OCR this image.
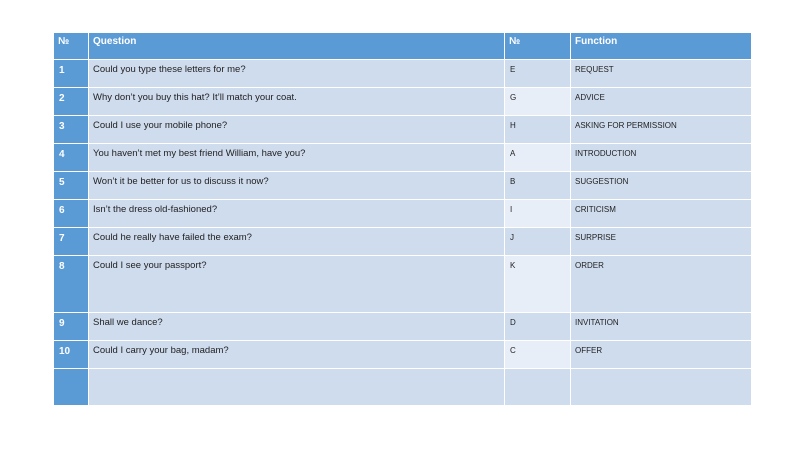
№	Question	№	Function
1	Could you type these letters for me?	E	REQUEST
2	Why don’t you buy this hat? It’ll match your coat.	G	ADVICE
3	Could I use your mobile phone?	H	ASKING FOR PERMISSION
4	You haven’t met my best friend William, have you?	A	INTRODUCTION
5	Won’t it be better for us to discuss it now?	B	SUGGESTION
6	Isn’t the dress old-fashioned?	I	CRITICISM
7	Could he really have failed the exam?	J	SURPRISE
8	Could I see your passport?	K	ORDER
9	Shall we dance?	D	INVITATION
10	Could I carry your bag, madam?	C	OFFER
